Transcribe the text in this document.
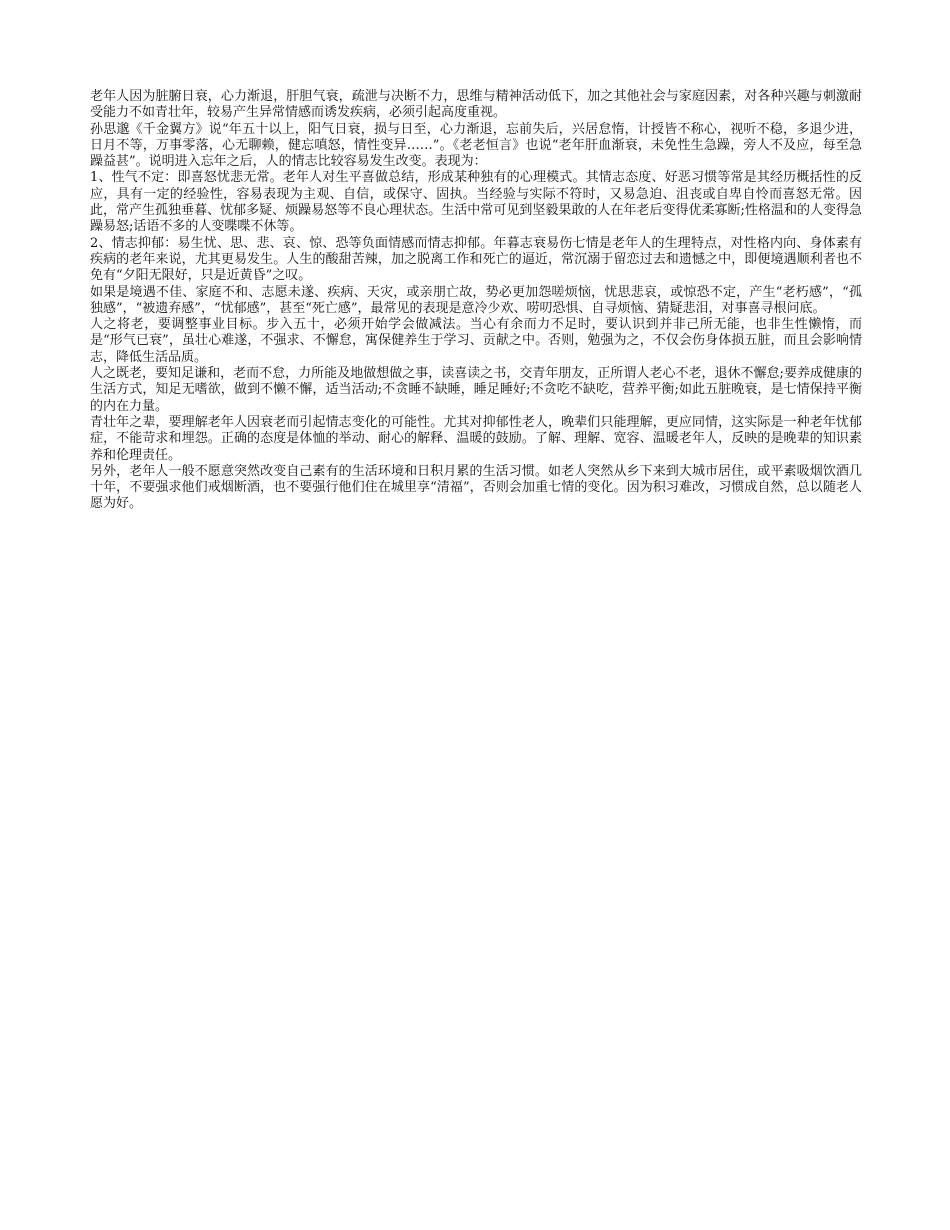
老年人因为脏腑日衰，心力渐退，肝胆气衰，疏泄与决断不力，思维与精神活动低下，加之其他社会与家庭因素，对各种兴趣与刺激耐受能力不如青壮年，较易产生异常情感而诱发疾病，必须引起高度重视。

孙思邈《千金翼方》说“年五十以上，阳气日衰，损与日至，心力渐退，忘前失后，兴居怠惰，计授皆不称心，视听不稳，多退少进，日月不等，万事零落，心无聊赖，健忘嗔怒，情性变异……”。《老老恒言》也说“老年肝血渐衰，未免性生急躁，旁人不及应，每至急躁益甚”。说明进入忘年之后，人的情志比较容易发生改变。表现为：

1、性气不定：即喜怒忧悲无常。老年人对生平喜做总结，形成某种独有的心理模式。其情志态度、好恶习惯等常是其经历概括性的反应，具有一定的经验性，容易表现为主观、自信，或保守、固执。当经验与实际不符时，又易急迫、沮丧或自卑自怜而喜怒无常。因此，常产生孤独垂暮、忧郁多疑、烦躁易怒等不良心理状态。生活中常可见到坚毅果敢的人在年老后变得优柔寡断;性格温和的人变得急躁易怒;话语不多的人变喋喋不休等。

2、情志抑郁：易生忧、思、悲、哀、惊、恐等负面情感而情志抑郁。年暮志衰易伤七情是老年人的生理特点，对性格内向、身体素有疾病的老年来说，尤其更易发生。人生的酸甜苦辣，加之脱离工作和死亡的逼近，常沉溺于留恋过去和遗憾之中，即便境遇顺利者也不免有“夕阳无限好，只是近黄昏”之叹。

如果是境遇不佳、家庭不和、志愿未遂、疾病、天灾，或亲朋亡故，势必更加怨嗟烦恼，忧思悲哀，或惊恐不定，产生“老朽感”，“孤独感”，“被遗弃感”，“忧郁感”，甚至“死亡感”，最常见的表现是意冷少欢、唠叨恐惧、自寻烦恼、猜疑悲泪，对事喜寻根问底。

人之将老，要调整事业目标。步入五十，必须开始学会做减法。当心有余而力不足时，要认识到并非己所无能，也非生性懒惰，而是“形气已衰”，虽壮心难遂，不强求、不懈怠，寓保健养生于学习、贡献之中。否则，勉强为之，不仅会伤身体损五脏，而且会影响情志，降低生活品质。

人之既老，要知足谦和，老而不怠，力所能及地做想做之事，读喜读之书，交青年朋友，正所谓人老心不老，退休不懈怠;要养成健康的生活方式，知足无嗜欲，做到不懒不懈，适当活动;不贪睡不缺睡，睡足睡好;不贪吃不缺吃，营养平衡;如此五脏晚衰，是七情保持平衡的内在力量。

青壮年之辈，要理解老年人因衰老而引起情志变化的可能性。尤其对抑郁性老人，晚辈们只能理解，更应同情，这实际是一种老年忧郁症，不能苛求和埋怨。正确的态度是体恤的举动、耐心的解释、温暖的鼓励。了解、理解、宽容、温暖老年人，反映的是晚辈的知识素养和伦理责任。

另外，老年人一般不愿意突然改变自己素有的生活环境和日积月累的生活习惯。如老人突然从乡下来到大城市居住，或平素吸烟饮酒几十年，不要强求他们戒烟断酒，也不要强行他们住在城里享“清福”，否则会加重七情的变化。因为积习难改，习惯成自然，总以随老人愿为好。
